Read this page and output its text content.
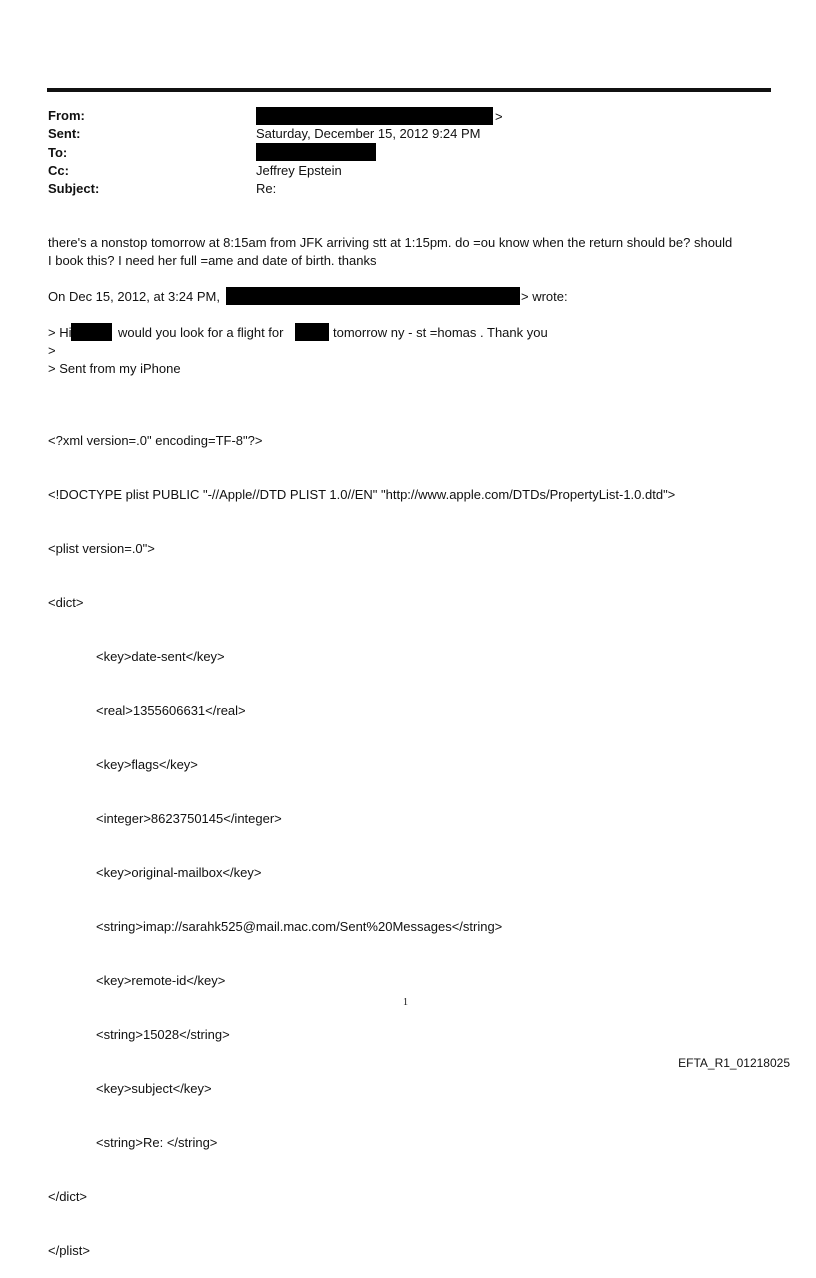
From:	>
Sent:	Saturday, December 15, 2012 9:24 PM
To:
Cc:	Jeffrey Epstein
Subject:	Re:
there's a nonstop tomorrow at 8:15am from JFK arriving stt at 1:15pm. do =ou know when the return should be? should
I book this? I need her full =ame and date of birth. thanks
On Dec 15, 2012, at 3:24 PM,	> wrote:
> Hi	would you look for a flight for	tomorrow ny - st =homas . Thank you
>
> Sent from my iPhone

<?xml version=.0" encoding=TF-8"?>

<!DOCTYPE plist PUBLIC "-//Apple//DTD PLIST 1.0//EN" "http://www.apple.com/DTDs/PropertyList-1.0.dtd">

<plist version=.0">

<dict>

<key>date-sent</key>

<real>1355606631</real>

<key>flags</key>

<integer>8623750145</integer>

<key>original-mailbox</key>

<string>imap://sarahk525@mail.mac.com/Sent%20Messages</string>

<key>remote-id</key>

<string>15028</string>

<key>subject</key>

<string>Re: </string>

</dict>

</plist>

1
EFTA_R1_01218025
